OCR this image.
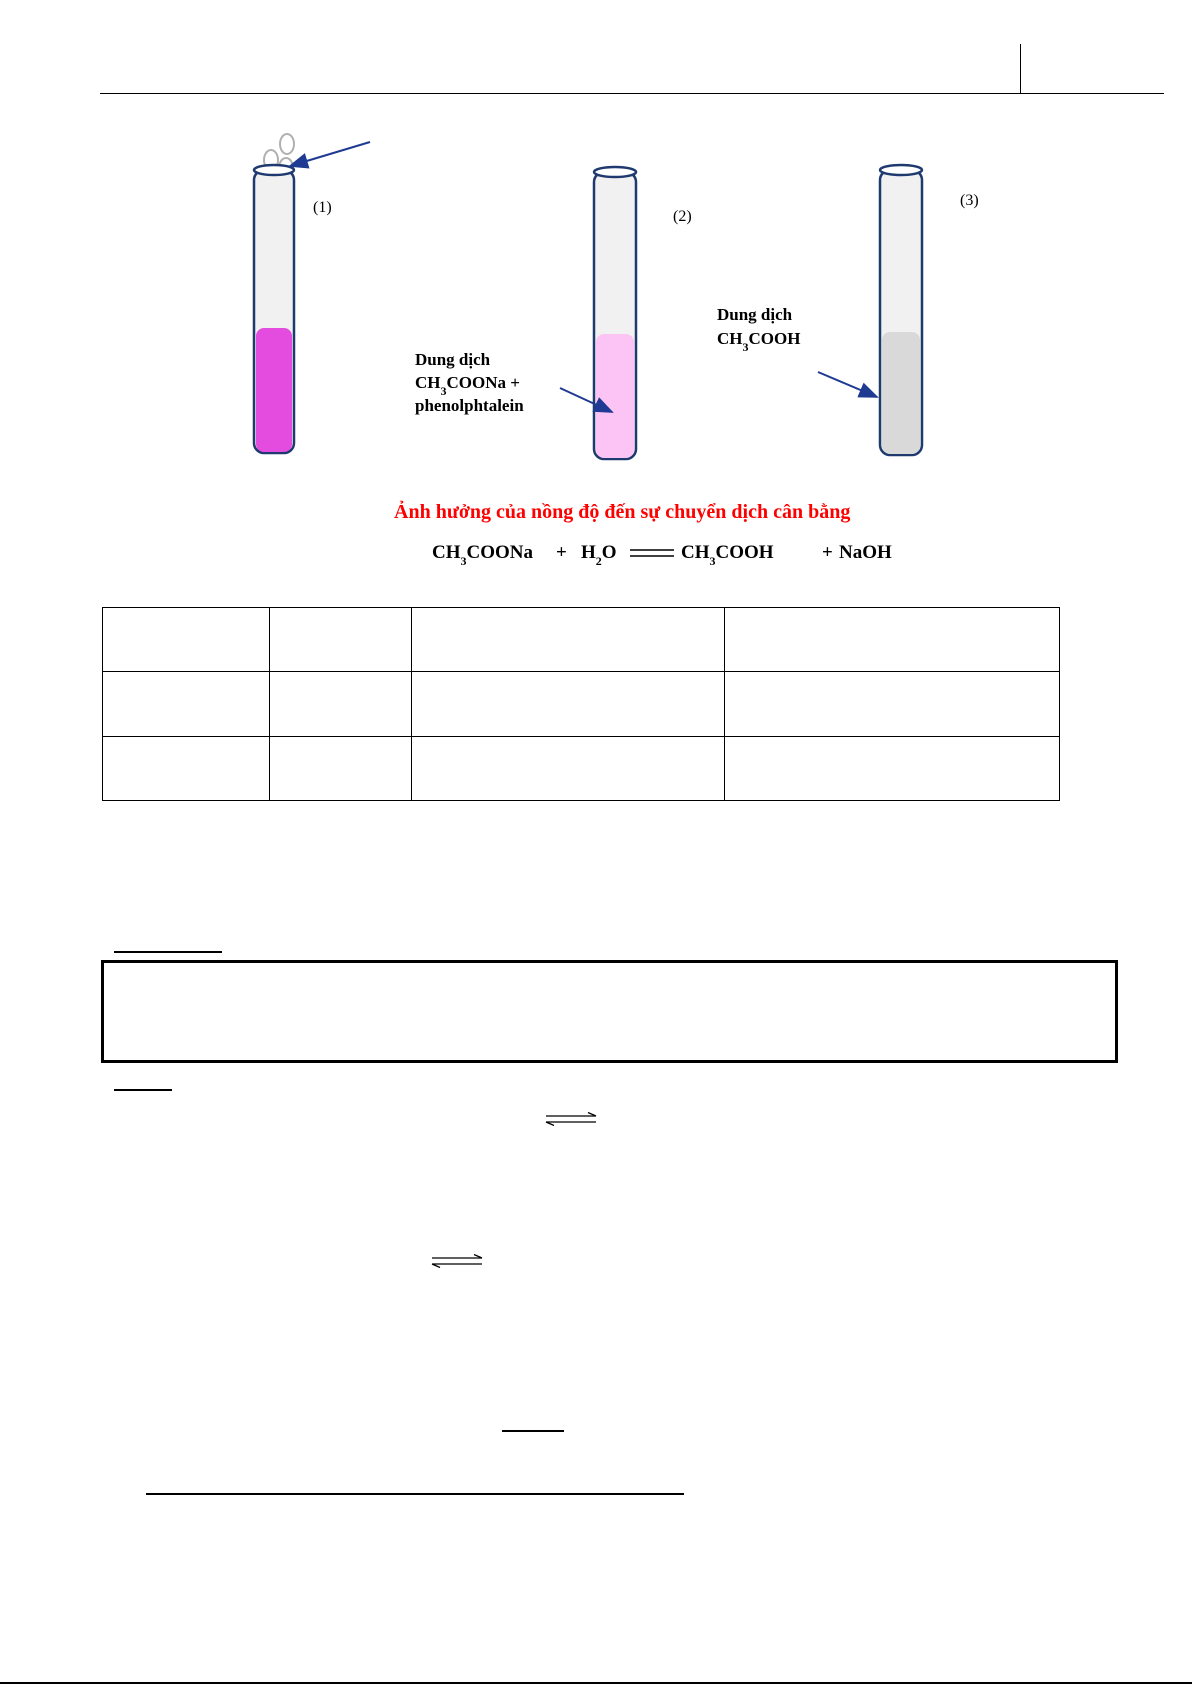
(1)
(2)
(3)
Dung dịch
$CH_3COONa$ +
phenolphtalein
Dung dịch
$CH_3COOH$
Ảnh hưởng của nồng độ đến sự chuyển dịch cân bằng
$CH_3COONa + H_2O$	$CH_3COOH$	+ NaOH
